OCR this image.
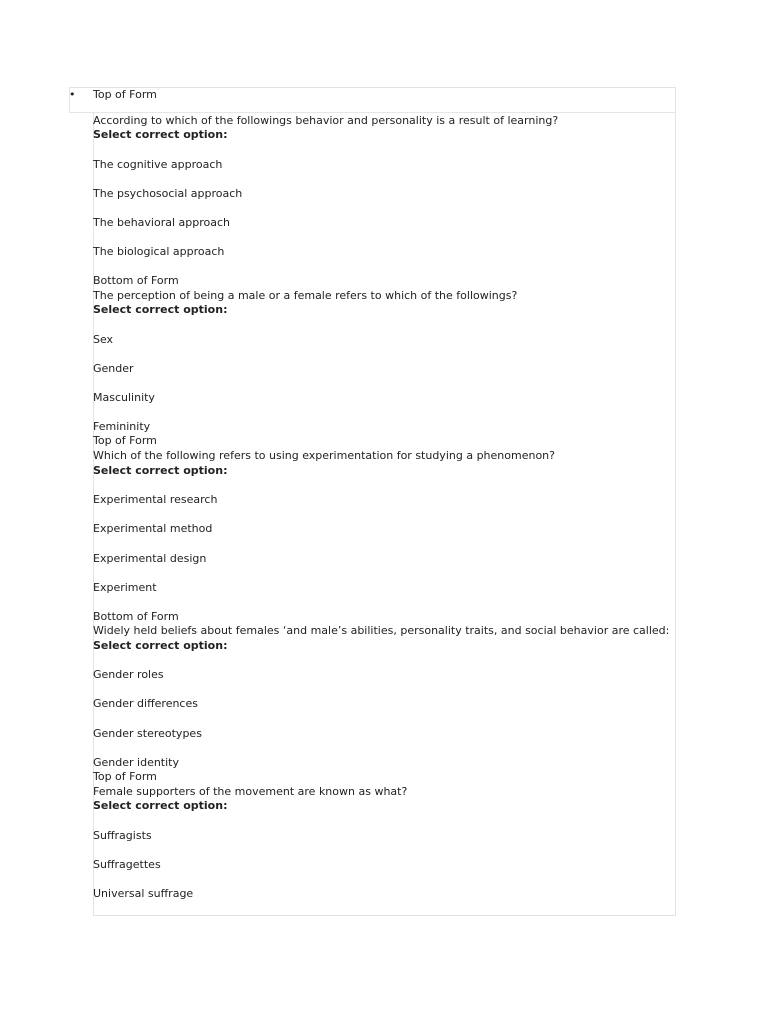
• Top of Form
According to which of the followings behavior and personality is a result of learning?
Select correct option:
The cognitive approach
The psychosocial approach
The behavioral approach
The biological approach
Bottom of Form
The perception of being a male or a female refers to which of the followings?
Select correct option:
Sex
Gender
Masculinity
Femininity
Top of Form
Which of the following refers to using experimentation for studying a phenomenon?
Select correct option:
Experimental research
Experimental method
Experimental design
Experiment
Bottom of Form
Widely held beliefs about females ‘and male’s abilities, personality traits, and social behavior are called:
Select correct option:
Gender roles
Gender differences
Gender stereotypes
Gender identity
Top of Form
Female supporters of the movement are known as what?
Select correct option:
Suffragists
Suffragettes
Universal suffrage
